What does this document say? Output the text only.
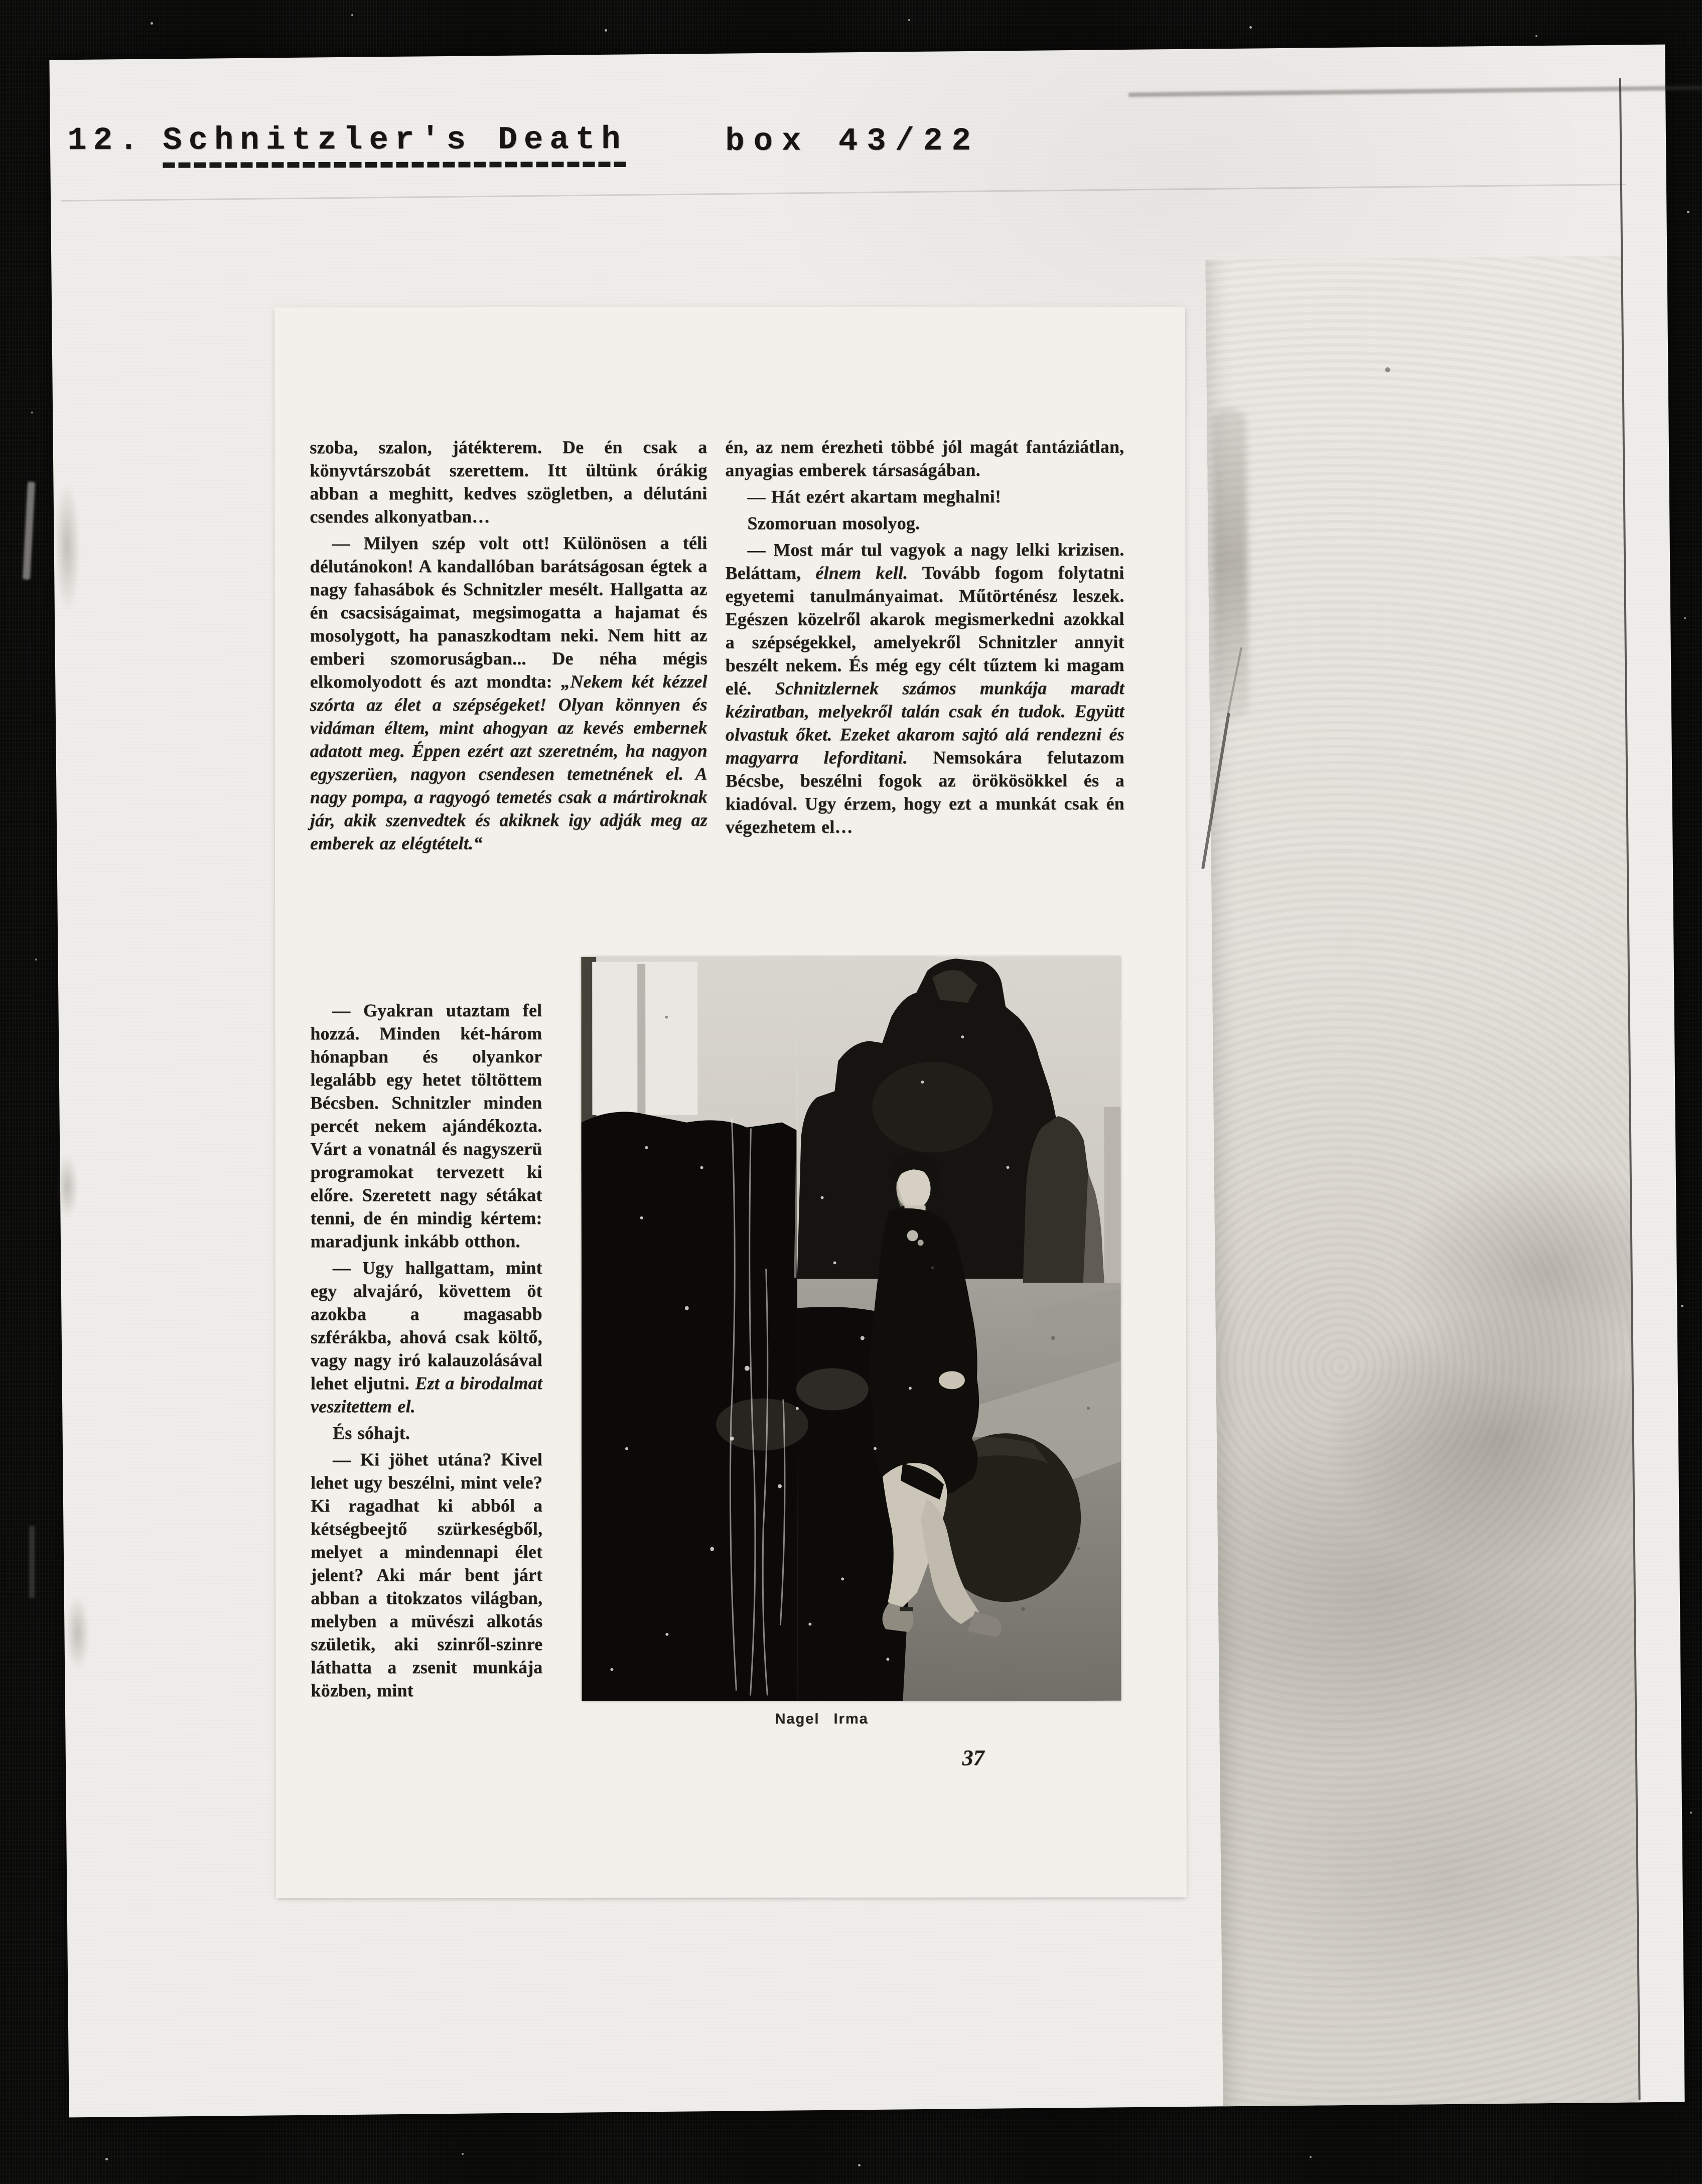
12. Schnitzler's Death	box 43/22

szoba, szalon, játékterem. De én csak a könyvtárszobát szerettem. Itt ültünk órákig abban a meghitt, kedves szögletben, a délutáni csendes alkonyatban…

— Milyen szép volt ott! Különösen a téli délutánokon! A kandallóban barátságosan égtek a nagy fahasábok és Schnitzler mesélt. Hallgatta az én csacsiságaimat, megsimogatta a hajamat és mosolygott, ha panaszkodtam neki. Nem hitt az emberi szomoruságban... De néha mégis elkomolyodott és azt mondta: „Nekem két kézzel szórta az élet a szépségeket! Olyan könnyen és vidáman éltem, mint ahogyan az kevés embernek adatott meg. Éppen ezért azt szeretném, ha nagyon egyszerüen, nagyon csendesen temetnének el. A nagy pompa, a ragyogó temetés csak a mártiroknak jár, akik szenvedtek és akiknek igy adják meg az emberek az elégtételt.“

én, az nem érezheti többé jól magát fantáziátlan, anyagias emberek társaságában.

— Hát ezért akartam meghalni!

Szomoruan mosolyog.

— Most már tul vagyok a nagy lelki krizisen. Beláttam, élnem kell. Tovább fogom folytatni egyetemi tanulmányaimat. Műtörténész leszek. Egészen közelről akarok megismerkedni azokkal a szépségekkel, amelyekről Schnitzler annyit beszélt nekem. És még egy célt tűztem ki magam elé. Schnitzlernek számos munkája maradt kéziratban, melyekről talán csak én tudok. Együtt olvastuk őket. Ezeket akarom sajtó alá rendezni és magyarra leforditani. Nemsokára felutazom Bécsbe, beszélni fogok az örökösökkel és a kiadóval. Ugy érzem, hogy ezt a munkát csak én végezhetem el…

— Gyakran utaztam fel hozzá. Minden két-három hónapban és olyankor legalább egy hetet töltöttem Bécsben. Schnitzler minden percét nekem ajándékozta. Várt a vonatnál és nagyszerü programokat tervezett ki előre. Szeretett nagy sétákat tenni, de én mindig kértem: maradjunk inkább otthon.

— Ugy hallgattam, mint egy alvajáró, követtem öt azokba a magasabb szférákba, ahová csak költő, vagy nagy iró kalauzolásával lehet eljutni. Ezt a birodalmat veszitettem el.

És sóhajt.

— Ki jöhet utána? Kivel lehet ugy beszélni, mint vele? Ki ragadhat ki abból a kétségbeejtő szürkeségből, melyet a mindennapi élet jelent? Aki már bent járt abban a titokzatos világban, melyben a müvészi alkotás születik, aki szinről-szinre láthatta a zsenit munkája közben, mint

Nagel Irma
37
